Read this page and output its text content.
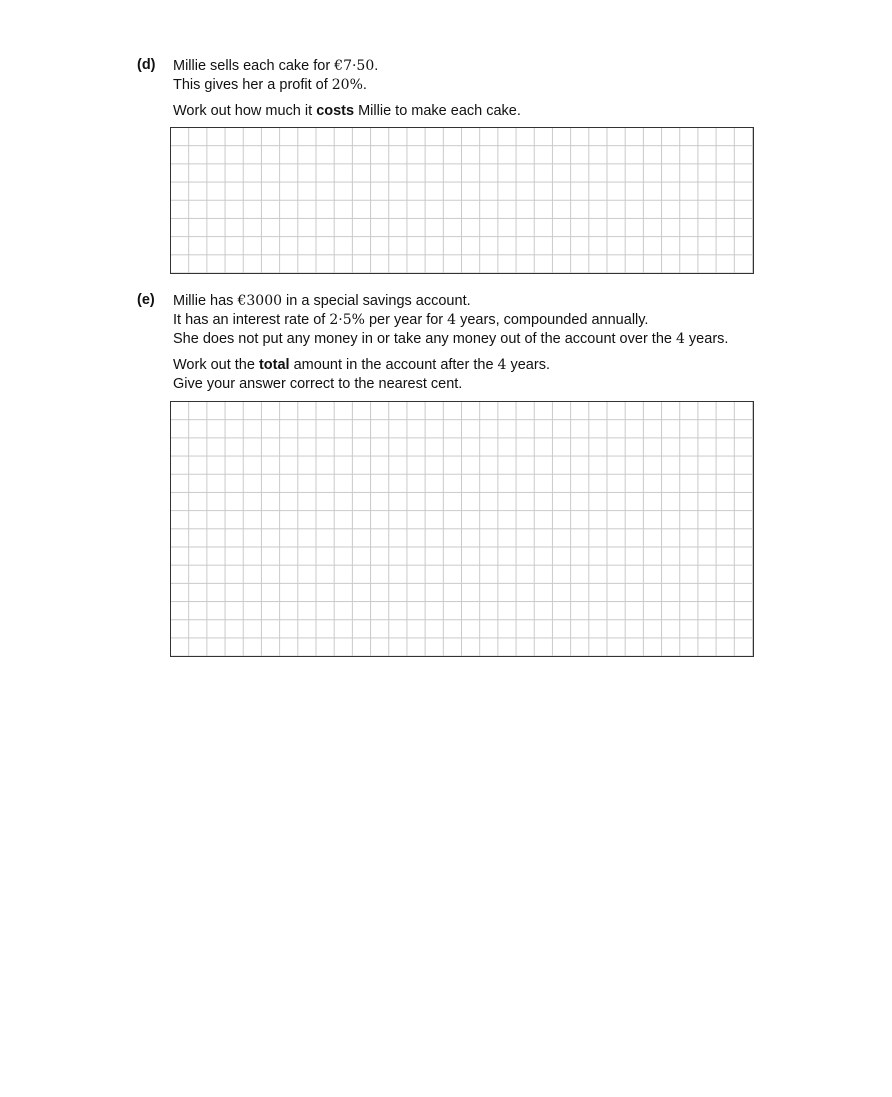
(d) Millie sells each cake for €7·50.
This gives her a profit of 20%.
Work out how much it costs Millie to make each cake.
(e) Millie has €3000 in a special savings account.
It has an interest rate of 2·5% per year for 4 years, compounded annually.
She does not put any money in or take any money out of the account over the 4 years.
Work out the total amount in the account after the 4 years.
Give your answer correct to the nearest cent.
